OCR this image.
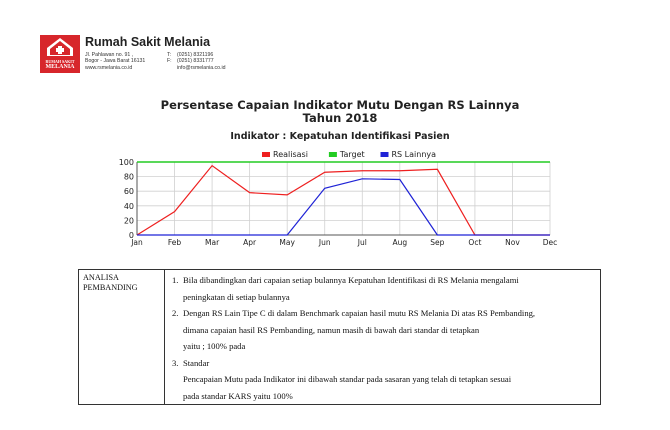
RUMAH SAKIT
MELANIA
Rumah Sakit Melania
Jl. Pahlawan no. 91 ,	T:	(0251) 8321196
Bogor - Jawa Barat 16131	F:	(0251) 8331777
www.rsmelania.co.id	info@rsmelania.co.id
Persentase Capaian Indikator Mutu Dengan RS Lainnya
Tahun 2018
Indikator : Kepatuhan Identifikasi Pasien
0
20
40
60
80
100
Jan	Feb	Mar	Apr	May	Jun	Jul	Aug	Sep	Oct	Nov	Dec
Realisasi	Target	RS Lainnya
ANALISA
PEMBANDING
1. Bila dibandingkan dari capaian setiap bulannya Kepatuhan Identifikasi di RS Melania mengalami
peningkatan di setiap bulannya
2. Dengan RS Lain Tipe C di dalam Benchmark capaian hasil mutu RS Melania Di atas RS Pembanding,
dimana capaian hasil RS Pembanding, namun masih di bawah dari standar di tetapkan
yaitu ; 100% pada
3. Standar
Pencapaian Mutu pada Indikator ini dibawah standar pada sasaran yang telah di tetapkan sesuai
pada standar KARS yaitu 100%
